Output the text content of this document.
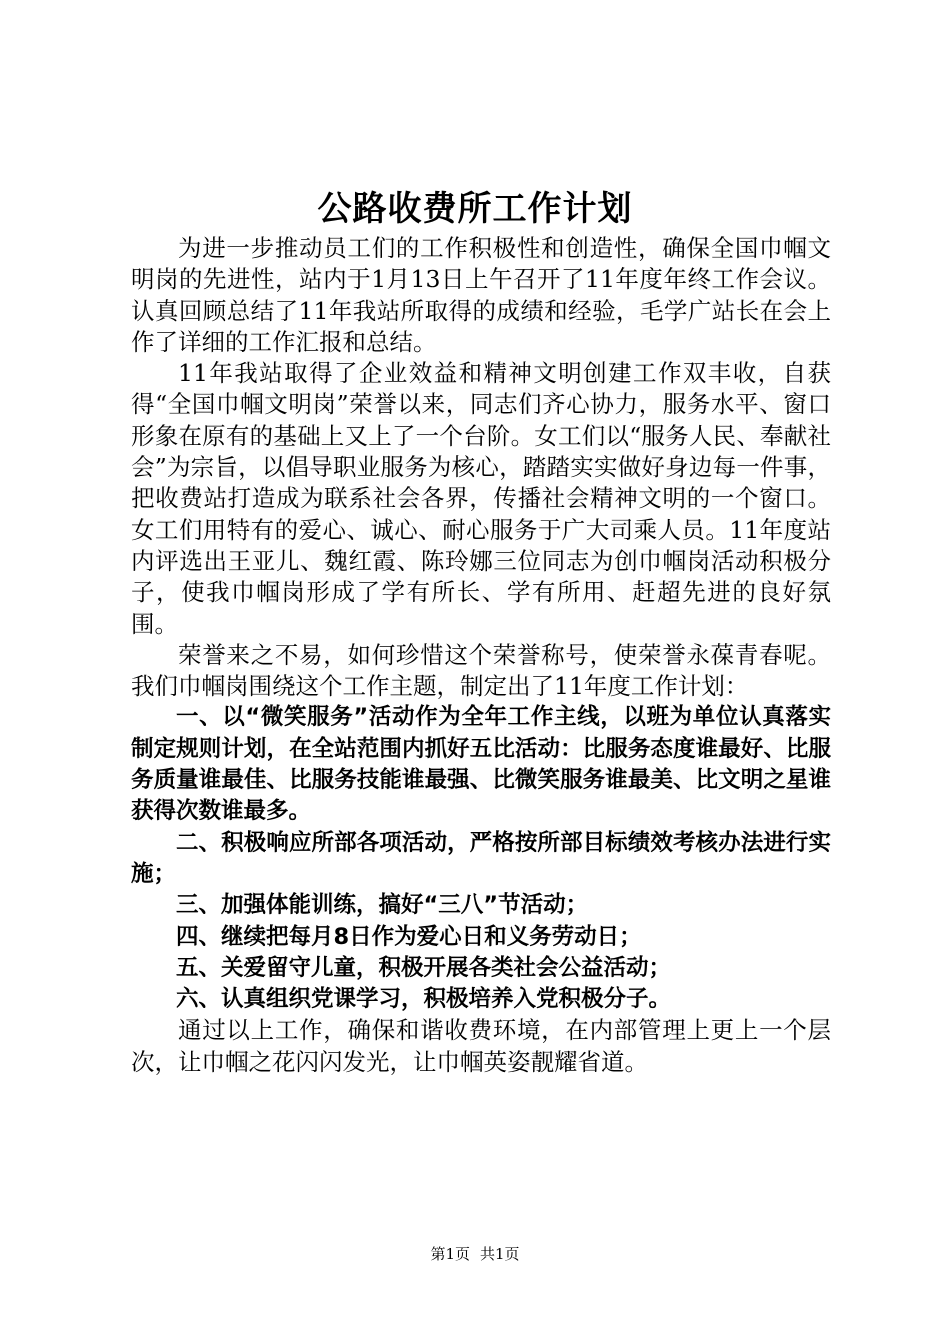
公路收费所工作计划

为进一步推动员工们的工作积极性和创造性，确保全国巾帼文明岗的先进性，站内于1月13日上午召开了11年度年终工作会议。认真回顾总结了11年我站所取得的成绩和经验，毛学广站长在会上作了详细的工作汇报和总结。

11年我站取得了企业效益和精神文明创建工作双丰收，自获得“全国巾帼文明岗”荣誉以来，同志们齐心协力，服务水平、窗口形象在原有的基础上又上了一个台阶。女工们以“服务人民、奉献社会”为宗旨，以倡导职业服务为核心，踏踏实实做好身边每一件事，把收费站打造成为联系社会各界，传播社会精神文明的一个窗口。女工们用特有的爱心、诚心、耐心服务于广大司乘人员。11年度站内评选出王亚儿、魏红霞、陈玲娜三位同志为创巾帼岗活动积极分子，使我巾帼岗形成了学有所长、学有所用、赶超先进的良好氛围。

荣誉来之不易，如何珍惜这个荣誉称号，使荣誉永葆青春呢。我们巾帼岗围绕这个工作主题，制定出了11年度工作计划：

一、以“微笑服务”活动作为全年工作主线，以班为单位认真落实制定规则计划，在全站范围内抓好五比活动：比服务态度谁最好、比服务质量谁最佳、比服务技能谁最强、比微笑服务谁最美、比文明之星谁获得次数谁最多。

二、积极响应所部各项活动，严格按所部目标绩效考核办法进行实施；

三、加强体能训练，搞好“三八”节活动；

四、继续把每月8日作为爱心日和义务劳动日；

五、关爱留守儿童，积极开展各类社会公益活动；

六、认真组织党课学习，积极培养入党积极分子。

通过以上工作，确保和谐收费环境，在内部管理上更上一个层次，让巾帼之花闪闪发光，让巾帼英姿靓耀省道。

第1页 共1页
